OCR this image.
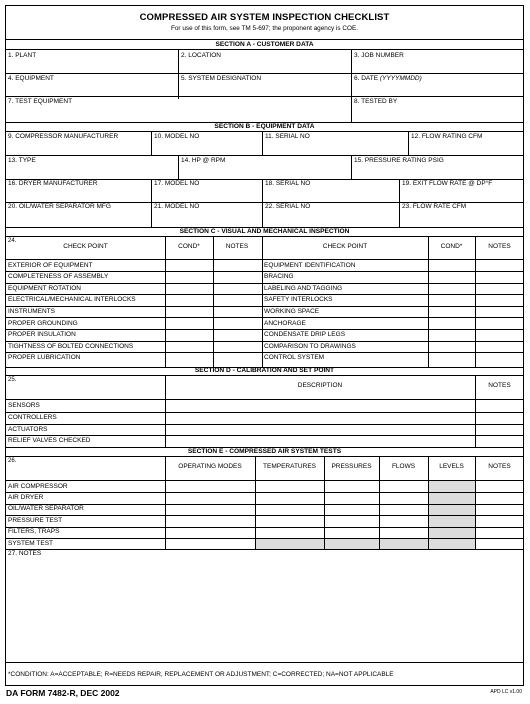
COMPRESSED AIR SYSTEM INSPECTION CHECKLIST
For use of this form, see TM 5-697; the proponent agency is COE.
SECTION A - CUSTOMER DATA
1. PLANT	2. LOCATION	3. JOB NUMBER
4. EQUIPMENT	5. SYSTEM DESIGNATION	6. DATE (YYYYMMDD)
7. TEST EQUIPMENT	8. TESTED BY
SECTION B - EQUIPMENT DATA
9. COMPRESSOR MANUFACTURER	10. MODEL NO	11. SERIAL NO	12. FLOW RATING CFM
13. TYPE	14. HP @ RPM	15. PRESSURE RATING PSIG
16. DRYER MANUFACTURER	17. MODEL NO	18. SERIAL NO	19. EXIT FLOW RATE @ DP°F
20. OIL/WATER SEPARATOR MFG	21. MODEL NO	22. SERIAL NO	23. FLOW RATE CFM
SECTION C - VISUAL AND MECHANICAL INSPECTION
24.
CHECK POINT	COND*	NOTES	CHECK POINT	COND*	NOTES
EXTERIOR OF EQUIPMENT	EQUIPMENT IDENTIFICATION
COMPLETENESS OF ASSEMBLY	BRACING
EQUIPMENT ROTATION	LABELING AND TAGGING
ELECTRICAL/MECHANICAL INTERLOCKS	SAFETY INTERLOCKS
INSTRUMENTS	WORKING SPACE
PROPER GROUNDING	ANCHORAGE
PROPER INSULATION	CONDENSATE DRIP LEGS
TIGHTNESS OF BOLTED CONNECTIONS	COMPARISON TO DRAWINGS
PROPER LUBRICATION	CONTROL SYSTEM
SECTION D - CALIBRATION AND SET POINT
25.
DESCRIPTION	NOTES
SENSORS
CONTROLLERS
ACTUATORS
RELIEF VALVES CHECKED
SECTION E - COMPRESSED AIR SYSTEM TESTS
26.
OPERATING MODES	TEMPERATURES	PRESSURES	FLOWS	LEVELS	NOTES
AIR COMPRESSOR
AIR DRYER
OIL/WATER SEPARATOR
PRESSURE TEST
FILTERS, TRAPS
SYSTEM TEST
27. NOTES
*CONDITION: A=ACCEPTABLE; R=NEEDS REPAIR, REPLACEMENT OR ADJUSTMENT; C=CORRECTED; NA=NOT APPLICABLE
DA FORM 7482-R, DEC 2002	APD LC v1.00
